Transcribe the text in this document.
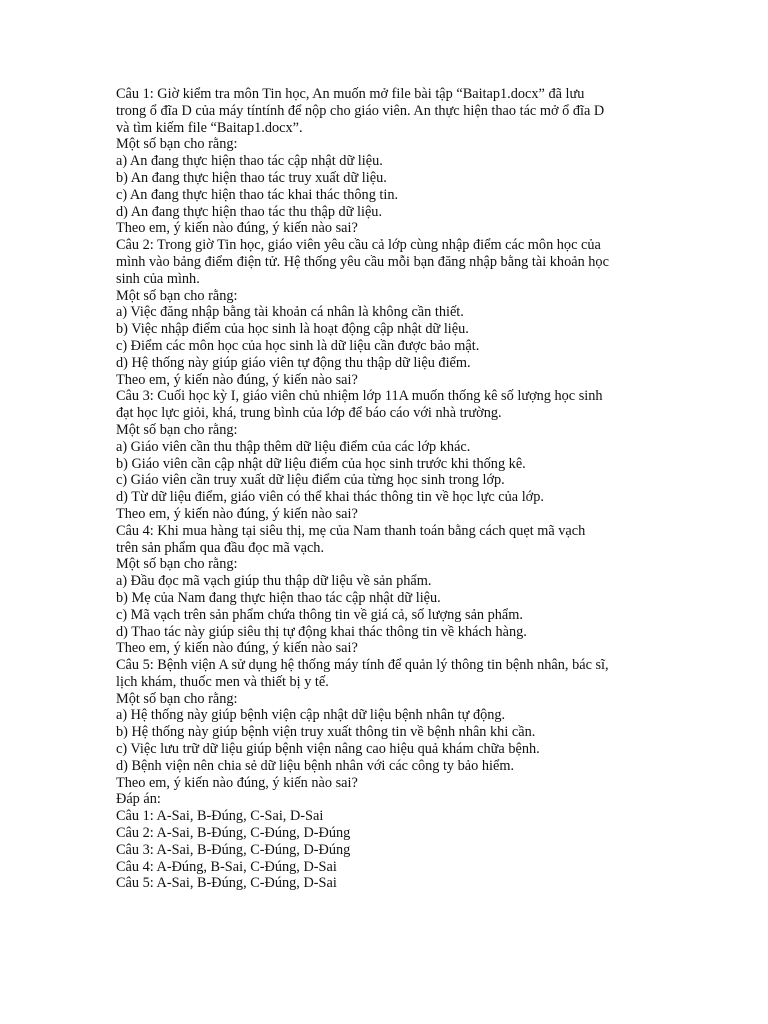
Câu 1: Giờ kiểm tra môn Tin học, An muốn mở file bài tập “Baitap1.docx” đã lưu
trong ổ đĩa D của máy tíntính để nộp cho giáo viên. An thực hiện thao tác mở ổ đĩa D
và tìm kiếm file “Baitap1.docx”.
Một số bạn cho rằng:
a) An đang thực hiện thao tác cập nhật dữ liệu.
b) An đang thực hiện thao tác truy xuất dữ liệu.
c) An đang thực hiện thao tác khai thác thông tin.
d) An đang thực hiện thao tác thu thập dữ liệu.
Theo em, ý kiến nào đúng, ý kiến nào sai?
Câu 2: Trong giờ Tin học, giáo viên yêu cầu cả lớp cùng nhập điểm các môn học của
mình vào bảng điểm điện tử. Hệ thống yêu cầu mỗi bạn đăng nhập bằng tài khoản học
sinh của mình.
Một số bạn cho rằng:
a) Việc đăng nhập bằng tài khoản cá nhân là không cần thiết.
b) Việc nhập điểm của học sinh là hoạt động cập nhật dữ liệu.
c) Điểm các môn học của học sinh là dữ liệu cần được bảo mật.
d) Hệ thống này giúp giáo viên tự động thu thập dữ liệu điểm.
Theo em, ý kiến nào đúng, ý kiến nào sai?
Câu 3: Cuối học kỳ I, giáo viên chủ nhiệm lớp 11A muốn thống kê số lượng học sinh
đạt học lực giỏi, khá, trung bình của lớp để báo cáo với nhà trường.
Một số bạn cho rằng:
a) Giáo viên cần thu thập thêm dữ liệu điểm của các lớp khác.
b) Giáo viên cần cập nhật dữ liệu điểm của học sinh trước khi thống kê.
c) Giáo viên cần truy xuất dữ liệu điểm của từng học sinh trong lớp.
d) Từ dữ liệu điểm, giáo viên có thể khai thác thông tin về học lực của lớp.
Theo em, ý kiến nào đúng, ý kiến nào sai?
Câu 4: Khi mua hàng tại siêu thị, mẹ của Nam thanh toán bằng cách quẹt mã vạch
trên sản phẩm qua đầu đọc mã vạch.
Một số bạn cho rằng:
a) Đầu đọc mã vạch giúp thu thập dữ liệu về sản phẩm.
b) Mẹ của Nam đang thực hiện thao tác cập nhật dữ liệu.
c) Mã vạch trên sản phẩm chứa thông tin về giá cả, số lượng sản phẩm.
d) Thao tác này giúp siêu thị tự động khai thác thông tin về khách hàng.
Theo em, ý kiến nào đúng, ý kiến nào sai?
Câu 5: Bệnh viện A sử dụng hệ thống máy tính để quản lý thông tin bệnh nhân, bác sĩ,
lịch khám, thuốc men và thiết bị y tế.
Một số bạn cho rằng:
a) Hệ thống này giúp bệnh viện cập nhật dữ liệu bệnh nhân tự động.
b) Hệ thống này giúp bệnh viện truy xuất thông tin về bệnh nhân khi cần.
c) Việc lưu trữ dữ liệu giúp bệnh viện nâng cao hiệu quả khám chữa bệnh.
d) Bệnh viện nên chia sẻ dữ liệu bệnh nhân với các công ty bảo hiểm.
Theo em, ý kiến nào đúng, ý kiến nào sai?
Đáp án:
Câu 1: A-Sai, B-Đúng, C-Sai, D-Sai
Câu 2: A-Sai, B-Đúng, C-Đúng, D-Đúng
Câu 3: A-Sai, B-Đúng, C-Đúng, D-Đúng
Câu 4: A-Đúng, B-Sai, C-Đúng, D-Sai
Câu 5: A-Sai, B-Đúng, C-Đúng, D-Sai
